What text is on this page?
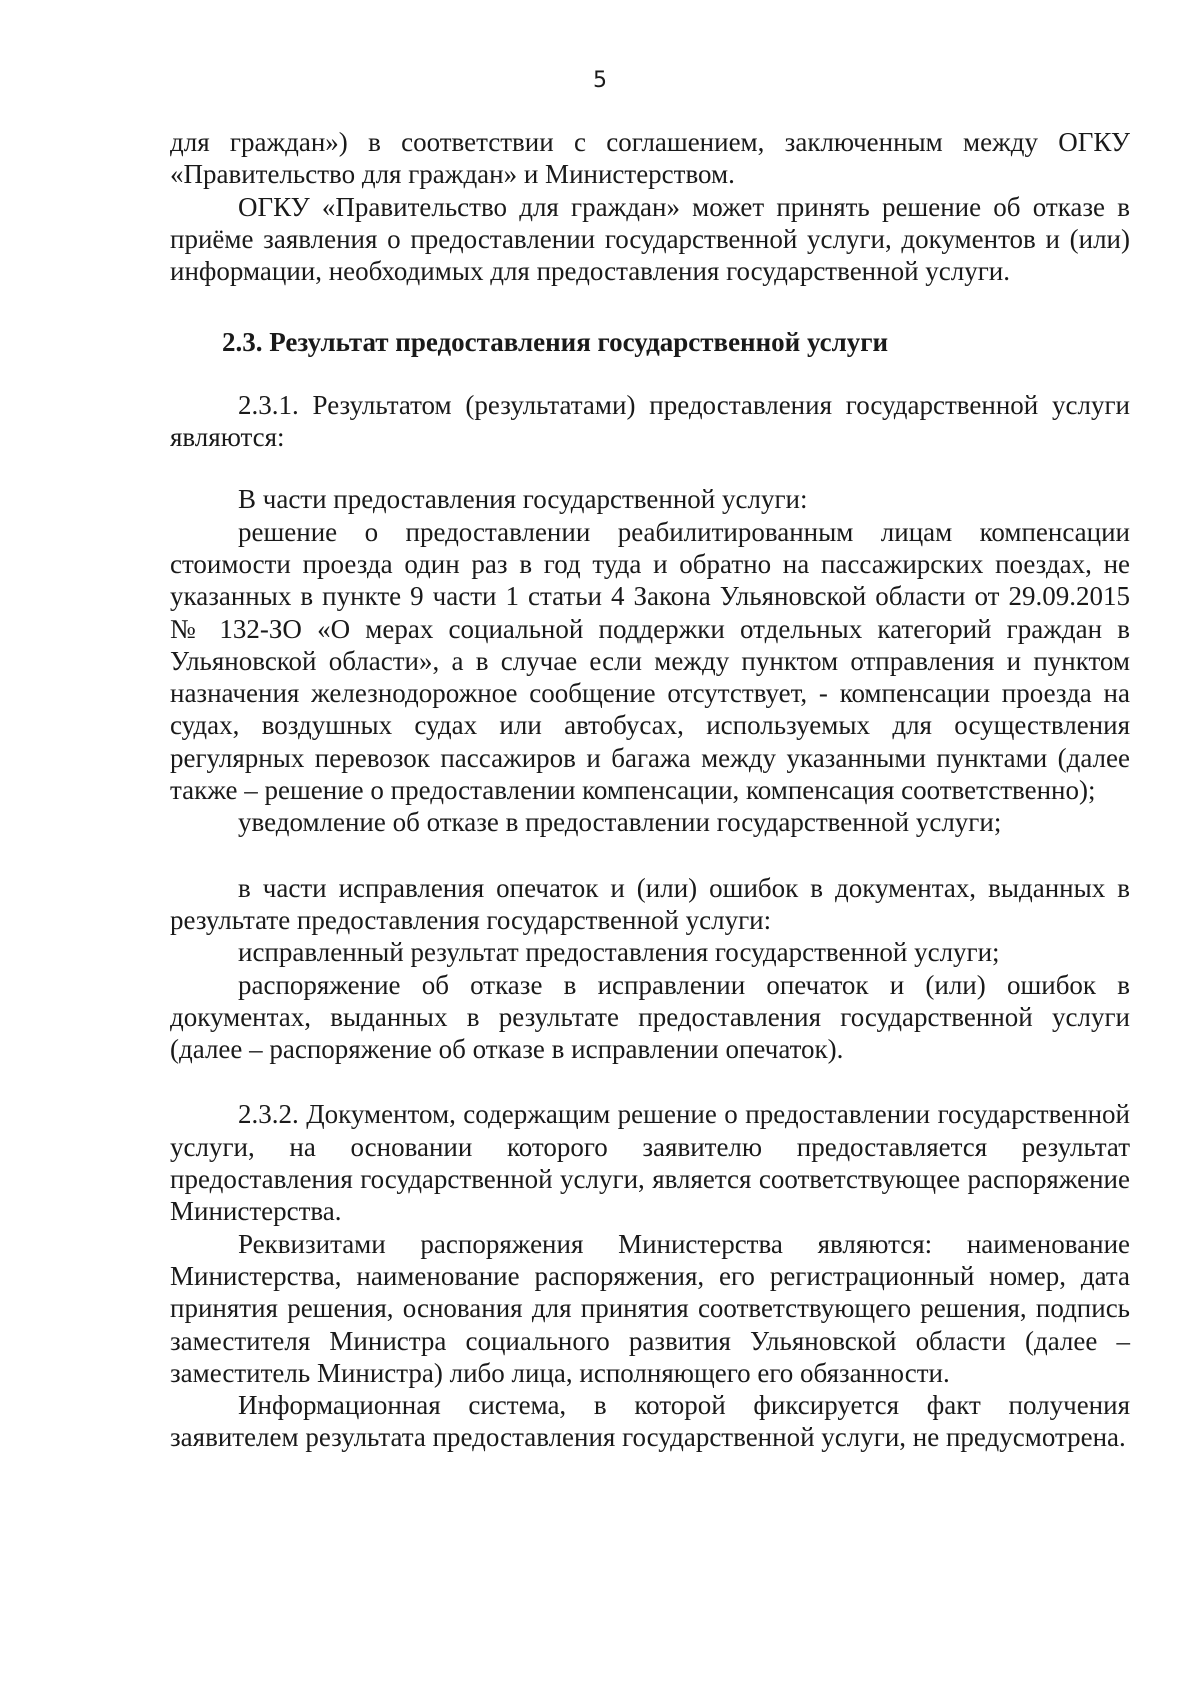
5

для граждан») в соответствии с соглашением, заключенным между ОГКУ «Правительство для граждан» и Министерством.

ОГКУ «Правительство для граждан» может принять решение об отказе в приёме заявления о предоставлении государственной услуги, документов и (или) информации, необходимых для предоставления государственной услуги.

2.3. Результат предоставления государственной услуги

2.3.1. Результатом (результатами) предоставления государственной услуги являются:

В части предоставления государственной услуги:

решение о предоставлении реабилитированным лицам компенсации стоимости проезда один раз в год туда и обратно на пассажирских поездах, не указанных в пункте 9 части 1 статьи 4 Закона Ульяновской области от 29.09.2015 № 132-ЗО «О мерах социальной поддержки отдельных категорий граждан в Ульяновской области», а в случае если между пунктом отправления и пунктом назначения железнодорожное сообщение отсутствует, - компенсации проезда на судах, воздушных судах или автобусах, используемых для осуществления регулярных перевозок пассажиров и багажа между указанными пунктами (далее также – решение о предоставлении компенсации, компенсация соответственно);

уведомление об отказе в предоставлении государственной услуги;

в части исправления опечаток и (или) ошибок в документах, выданных в результате предоставления государственной услуги:

исправленный результат предоставления государственной услуги;

распоряжение об отказе в исправлении опечаток и (или) ошибок в документах, выданных в результате предоставления государственной услуги (далее – распоряжение об отказе в исправлении опечаток).

2.3.2. Документом, содержащим решение о предоставлении государственной услуги, на основании которого заявителю предоставляется результат предоставления государственной услуги, является соответствующее распоряжение Министерства.

Реквизитами распоряжения Министерства являются: наименование Министерства, наименование распоряжения, его регистрационный номер, дата принятия решения, основания для принятия соответствующего решения, подпись заместителя Министра социального развития Ульяновской области (далее – заместитель Министра) либо лица, исполняющего его обязанности.

Информационная система, в которой фиксируется факт получения заявителем результата предоставления государственной услуги, не предусмотрена.
